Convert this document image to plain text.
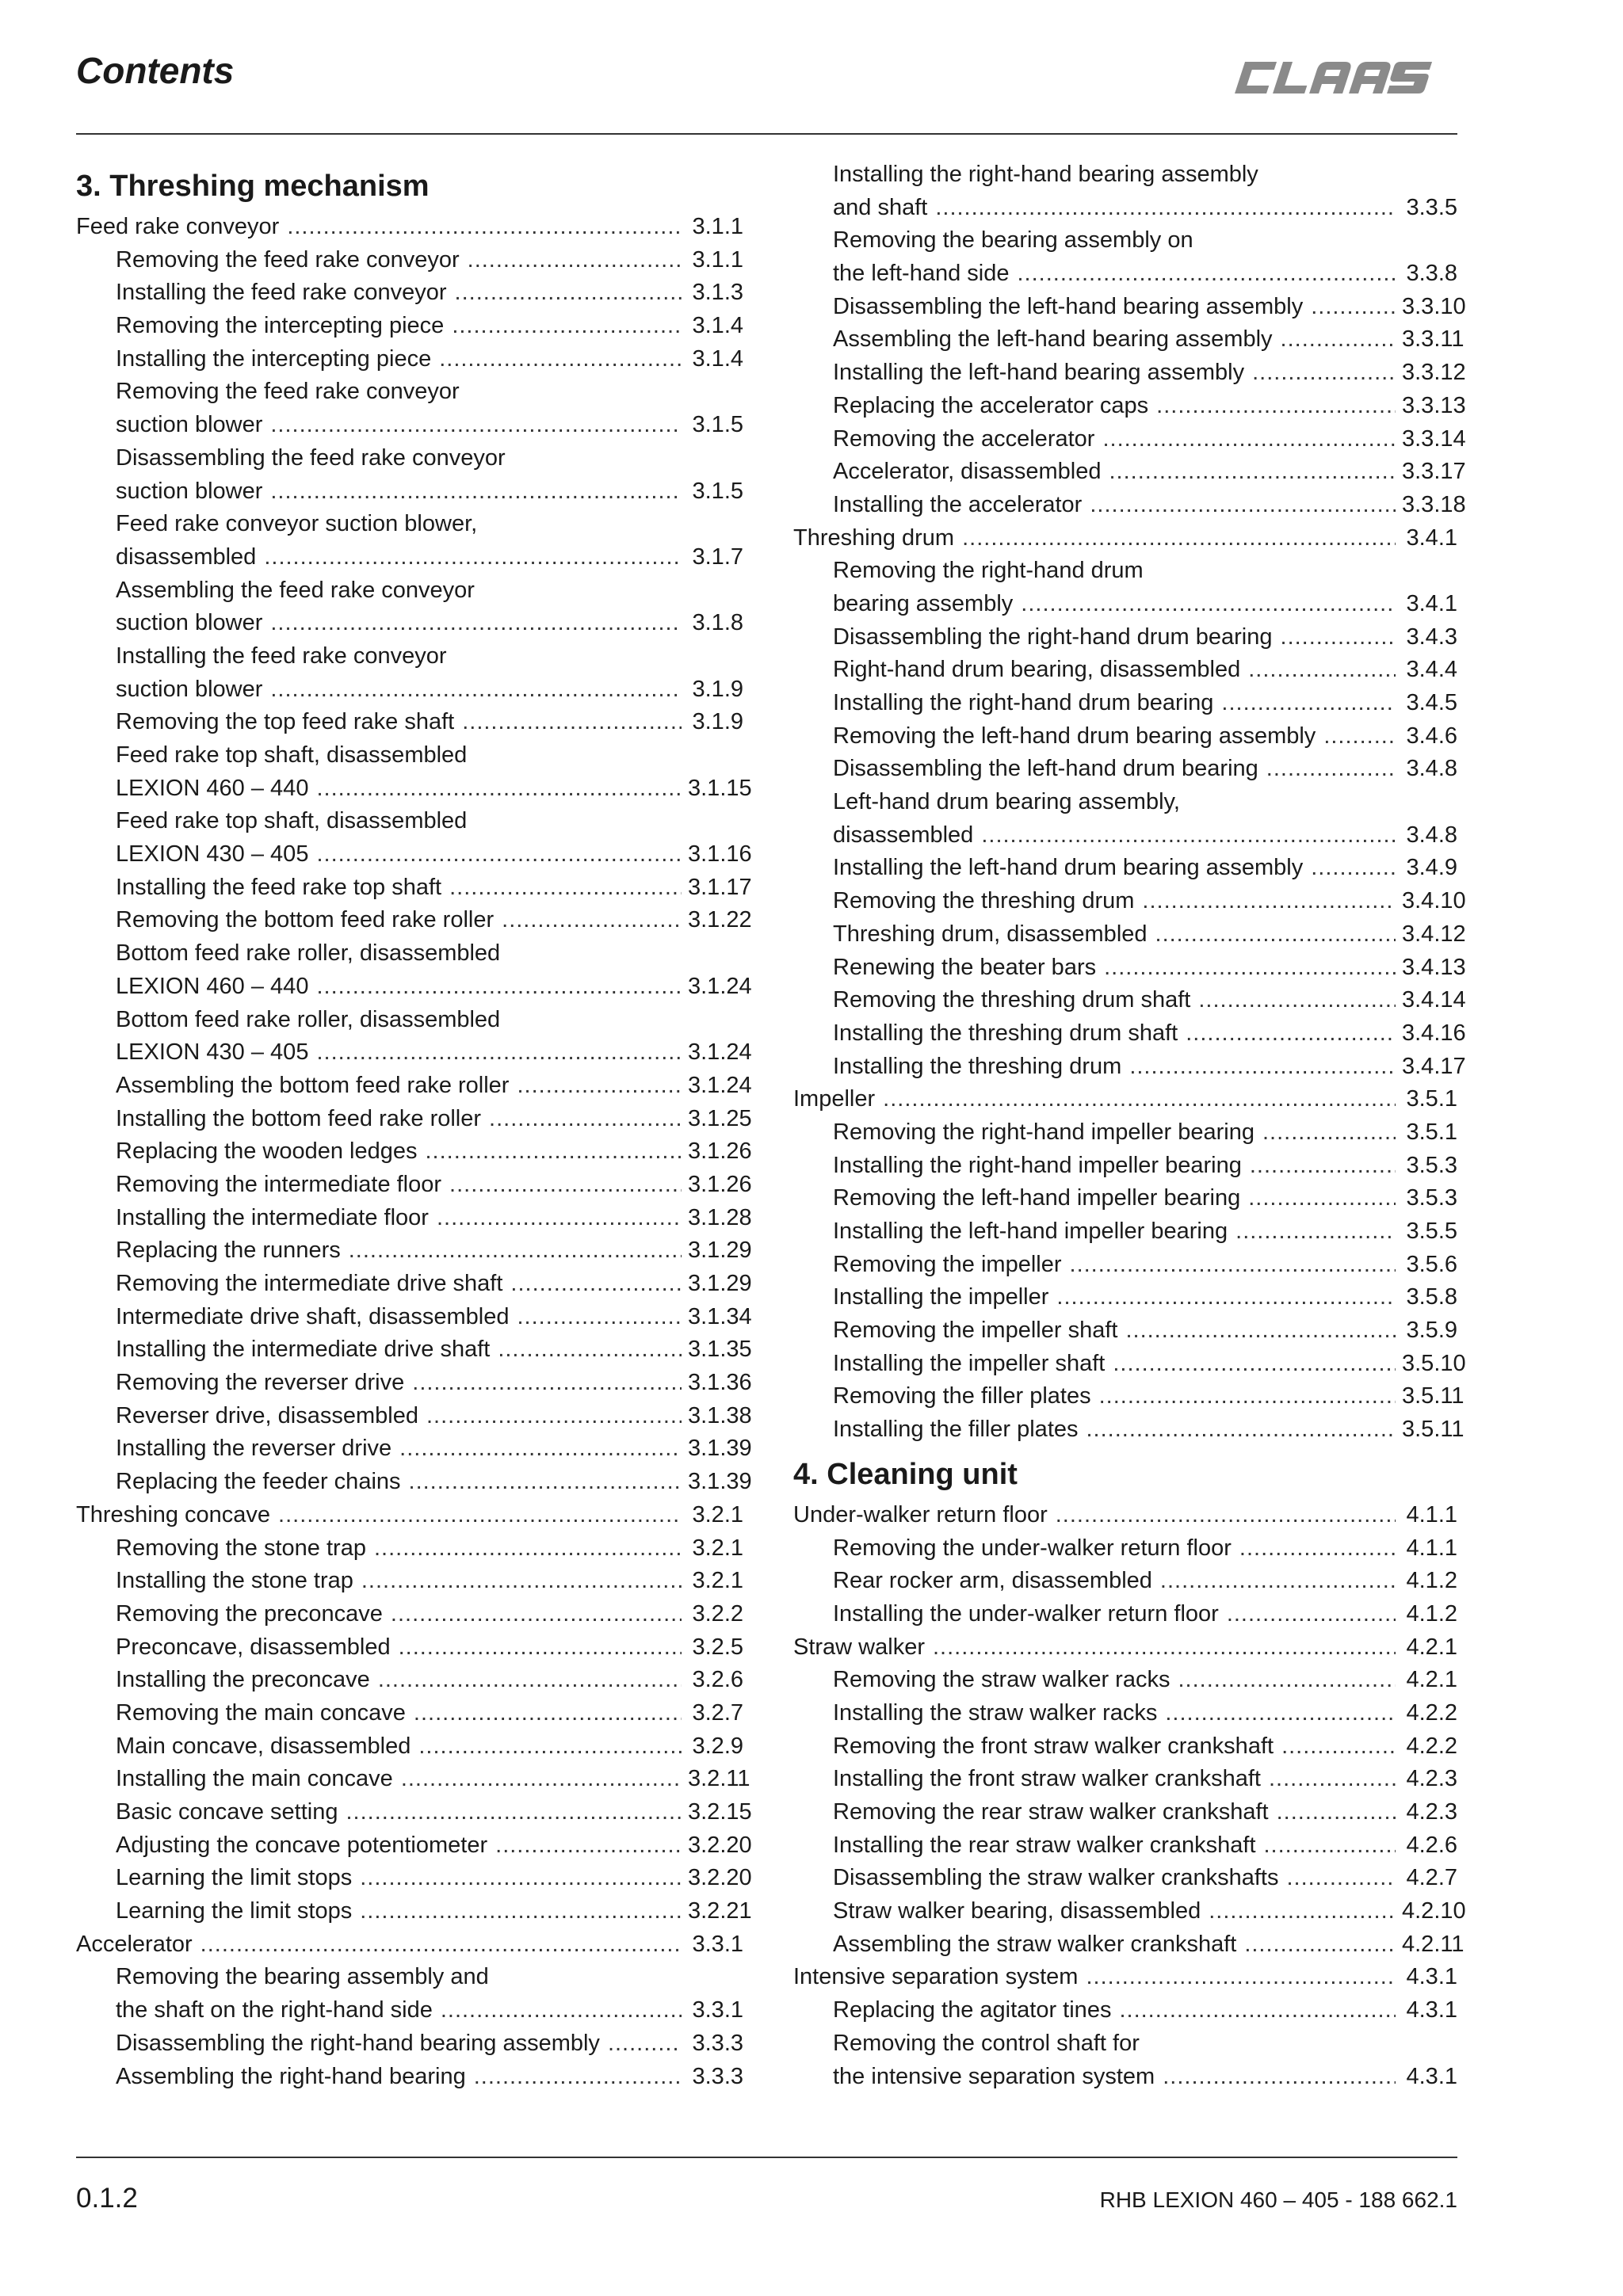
Contents
3. Threshing mechanism
Feed rake conveyor .....	3.1.1
Removing the feed rake conveyor .....	3.1.1
Installing the feed rake conveyor .....	3.1.3
Removing the intercepting piece .....	3.1.4
Installing the intercepting piece .....	3.1.4
Removing the feed rake conveyor
suction blower .....	3.1.5
Disassembling the feed rake conveyor
suction blower .....	3.1.5
Feed rake conveyor suction blower,
disassembled .....	3.1.7
Assembling the feed rake conveyor
suction blower .....	3.1.8
Installing the feed rake conveyor
suction blower .....	3.1.9
Removing the top feed rake shaft .....	3.1.9
Feed rake top shaft, disassembled
LEXION 460 – 440 .....	3.1.15
Feed rake top shaft, disassembled
LEXION 430 – 405 .....	3.1.16
Installing the feed rake top shaft .....	3.1.17
Removing the bottom feed rake roller .....	3.1.22
Bottom feed rake roller, disassembled
LEXION 460 – 440 .....	3.1.24
Bottom feed rake roller, disassembled
LEXION 430 – 405 .....	3.1.24
Assembling the bottom feed rake roller .....	3.1.24
Installing the bottom feed rake roller .....	3.1.25
Replacing the wooden ledges .....	3.1.26
Removing the intermediate floor .....	3.1.26
Installing the intermediate floor .....	3.1.28
Replacing the runners .....	3.1.29
Removing the intermediate drive shaft .....	3.1.29
Intermediate drive shaft, disassembled .....	3.1.34
Installing the intermediate drive shaft .....	3.1.35
Removing the reverser drive .....	3.1.36
Reverser drive, disassembled .....	3.1.38
Installing the reverser drive .....	3.1.39
Replacing the feeder chains .....	3.1.39
Threshing concave .....	3.2.1
Removing the stone trap .....	3.2.1
Installing the stone trap .....	3.2.1
Removing the preconcave .....	3.2.2
Preconcave, disassembled .....	3.2.5
Installing the preconcave .....	3.2.6
Removing the main concave .....	3.2.7
Main concave, disassembled .....	3.2.9
Installing the main concave .....	3.2.11
Basic concave setting .....	3.2.15
Adjusting the concave potentiometer .....	3.2.20
Learning the limit stops .....	3.2.20
Learning the limit stops .....	3.2.21
Accelerator .....	3.3.1
Removing the bearing assembly and
the shaft on the right-hand side .....	3.3.1
Disassembling the right-hand bearing assembly .....	3.3.3
Assembling the right-hand bearing .....	3.3.3
Installing the right-hand bearing assembly
and shaft .....	3.3.5
Removing the bearing assembly on
the left-hand side .....	3.3.8
Disassembling the left-hand bearing assembly .....	3.3.10
Assembling the left-hand bearing assembly .....	3.3.11
Installing the left-hand bearing assembly .....	3.3.12
Replacing the accelerator caps .....	3.3.13
Removing the accelerator .....	3.3.14
Accelerator, disassembled .....	3.3.17
Installing the accelerator .....	3.3.18
Threshing drum .....	3.4.1
Removing the right-hand drum
bearing assembly .....	3.4.1
Disassembling the right-hand drum bearing .....	3.4.3
Right-hand drum bearing, disassembled .....	3.4.4
Installing the right-hand drum bearing .....	3.4.5
Removing the left-hand drum bearing assembly .....	3.4.6
Disassembling the left-hand drum bearing .....	3.4.8
Left-hand drum bearing assembly,
disassembled .....	3.4.8
Installing the left-hand drum bearing assembly .....	3.4.9
Removing the threshing drum .....	3.4.10
Threshing drum, disassembled .....	3.4.12
Renewing the beater bars .....	3.4.13
Removing the threshing drum shaft .....	3.4.14
Installing the threshing drum shaft .....	3.4.16
Installing the threshing drum .....	3.4.17
Impeller .....	3.5.1
Removing the right-hand impeller bearing .....	3.5.1
Installing the right-hand impeller bearing .....	3.5.3
Removing the left-hand impeller bearing .....	3.5.3
Installing the left-hand impeller bearing .....	3.5.5
Removing the impeller .....	3.5.6
Installing the impeller .....	3.5.8
Removing the impeller shaft .....	3.5.9
Installing the impeller shaft .....	3.5.10
Removing the filler plates .....	3.5.11
Installing the filler plates .....	3.5.11
4. Cleaning unit
Under-walker return floor .....	4.1.1
Removing the under-walker return floor .....	4.1.1
Rear rocker arm, disassembled .....	4.1.2
Installing the under-walker return floor .....	4.1.2
Straw walker .....	4.2.1
Removing the straw walker racks .....	4.2.1
Installing the straw walker racks .....	4.2.2
Removing the front straw walker crankshaft .....	4.2.2
Installing the front straw walker crankshaft .....	4.2.3
Removing the rear straw walker crankshaft .....	4.2.3
Installing the rear straw walker crankshaft .....	4.2.6
Disassembling the straw walker crankshafts .....	4.2.7
Straw walker bearing, disassembled .....	4.2.10
Assembling the straw walker crankshaft .....	4.2.11
Intensive separation system .....	4.3.1
Replacing the agitator tines .....	4.3.1
Removing the control shaft for
the intensive separation system .....	4.3.1
0.1.2	RHB LEXION 460 – 405 - 188 662.1
